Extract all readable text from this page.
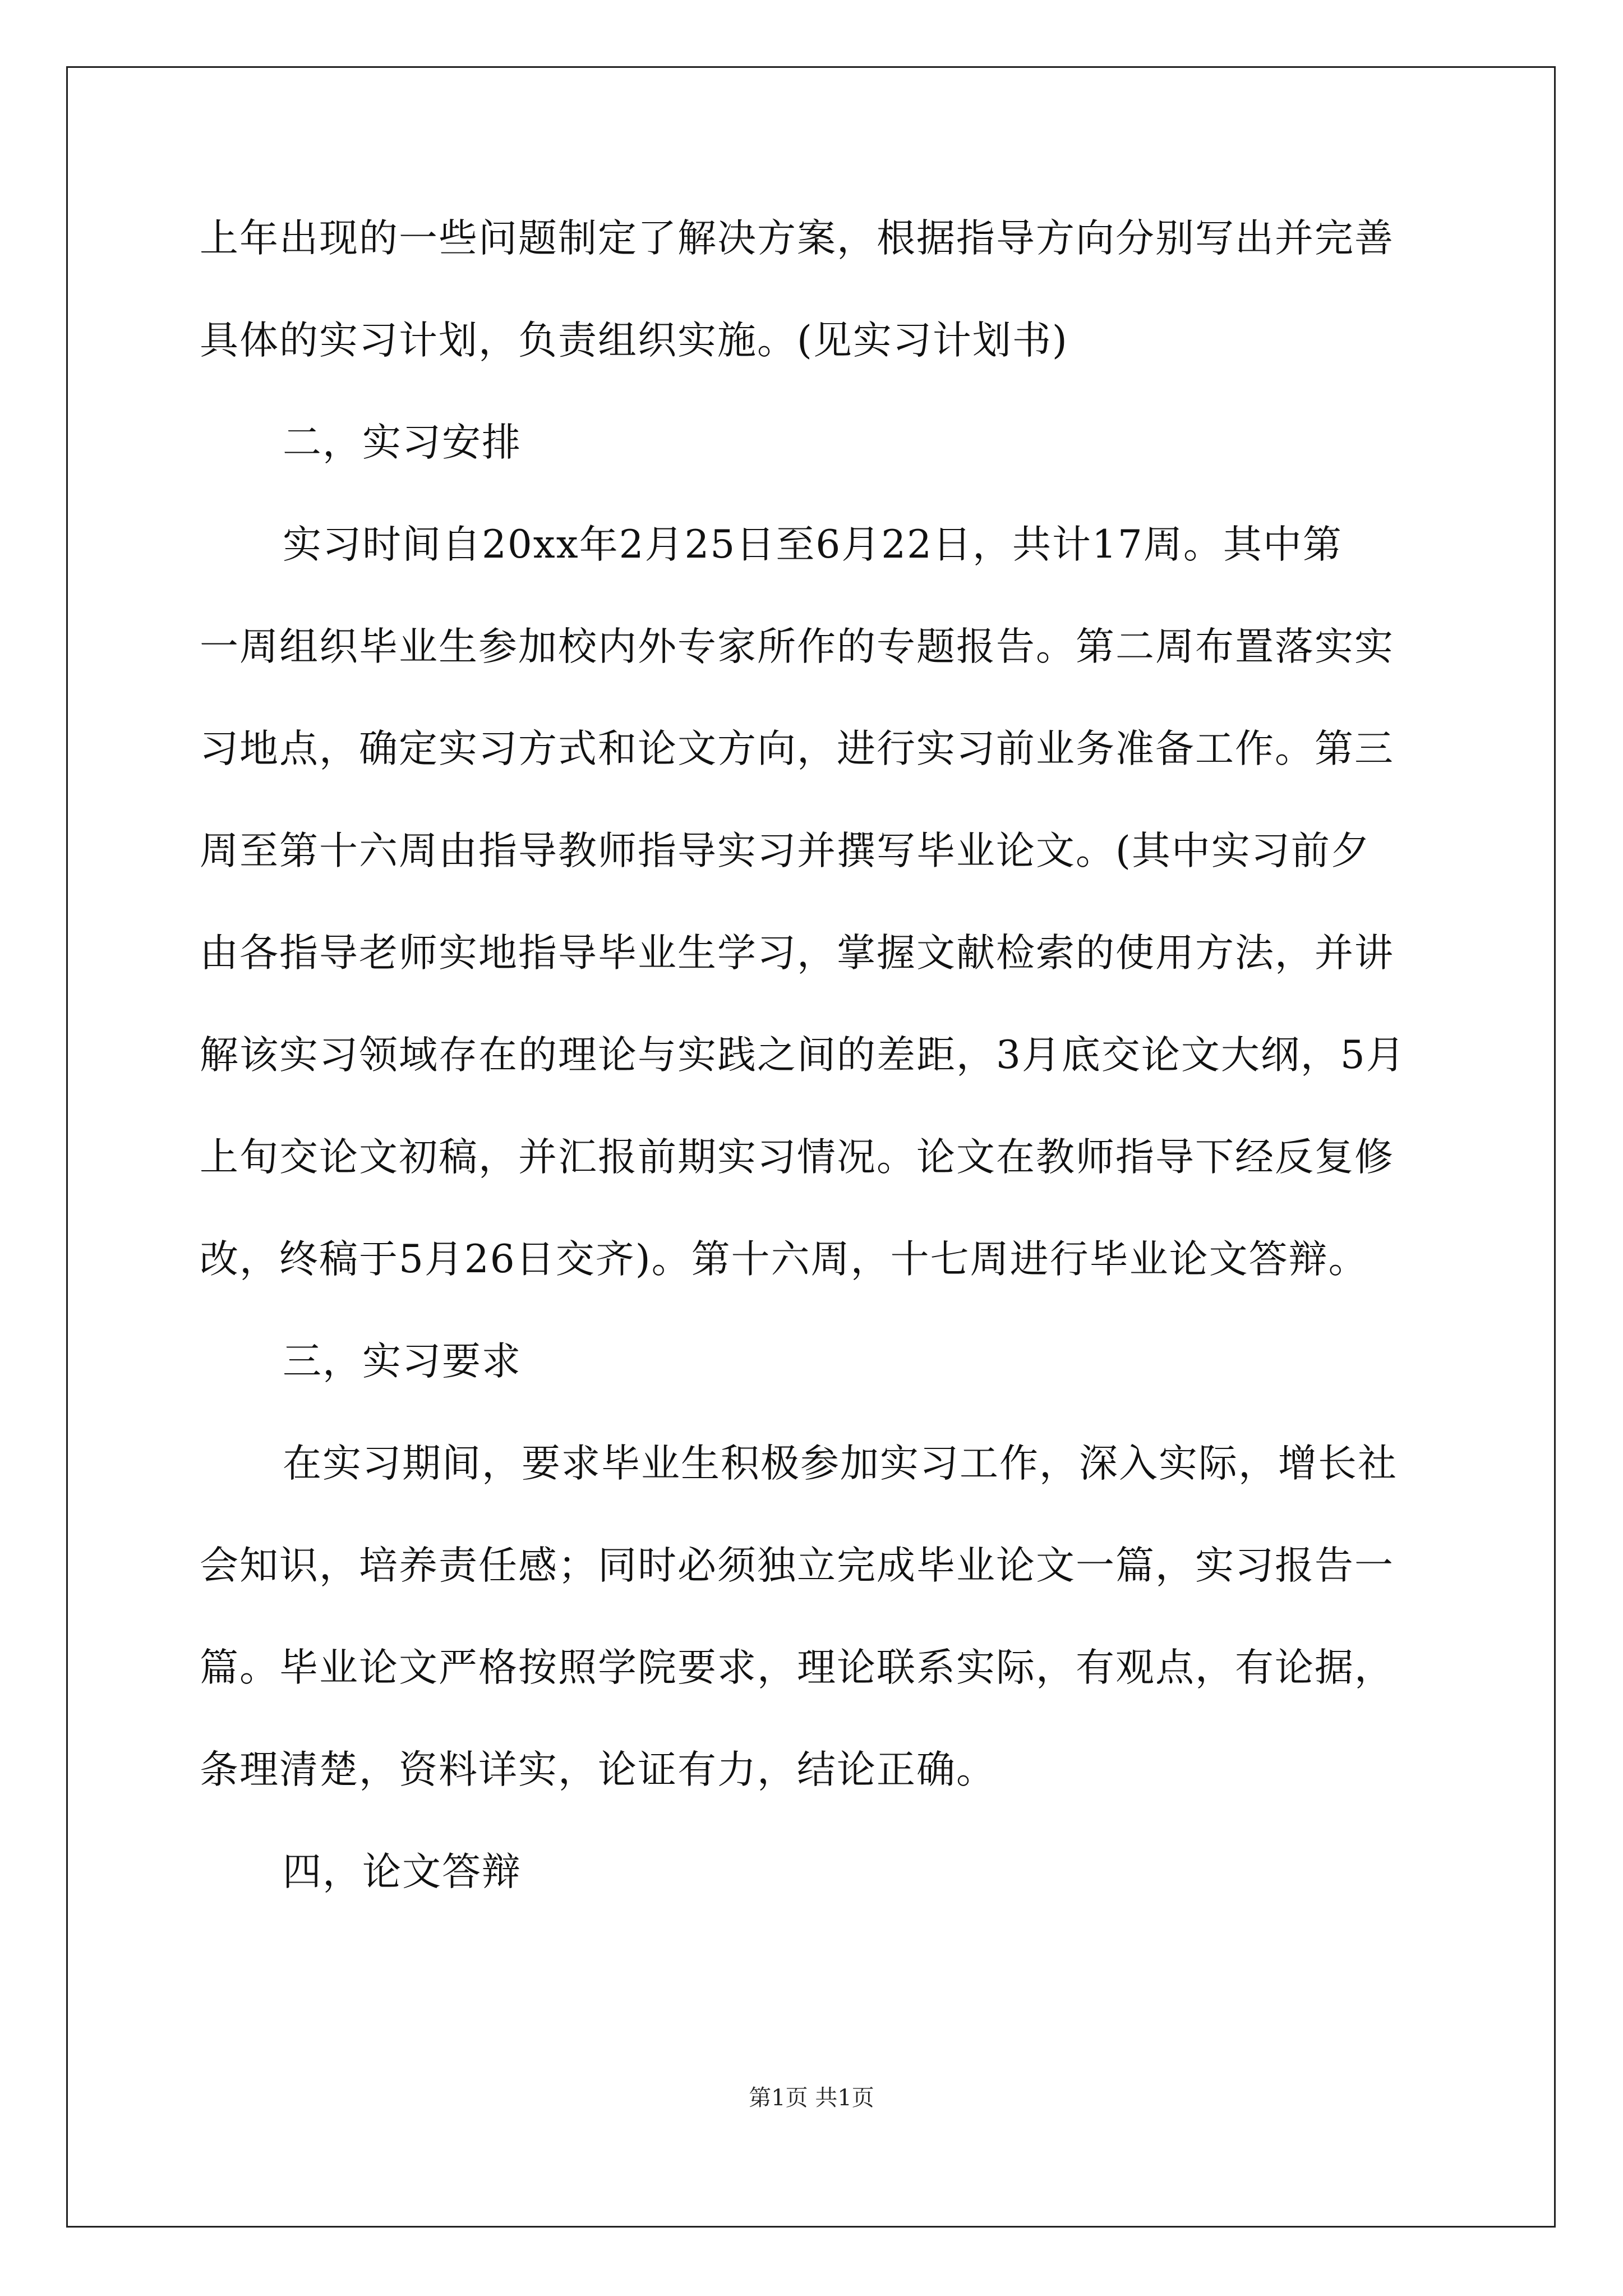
上年出现的一些问题制定了解决方案，根据指导方向分别写出并完善
具体的实习计划，负责组织实施。(见实习计划书)
二，实习安排
实习时间自20xx年2月25日至6月22日，共计17周。其中第
一周组织毕业生参加校内外专家所作的专题报告。第二周布置落实实
习地点，确定实习方式和论文方向，进行实习前业务准备工作。第三
周至第十六周由指导教师指导实习并撰写毕业论文。(其中实习前夕
由各指导老师实地指导毕业生学习，掌握文献检索的使用方法，并讲
解该实习领域存在的理论与实践之间的差距，3月底交论文大纲，5月
上旬交论文初稿，并汇报前期实习情况。论文在教师指导下经反复修
改，终稿于5月26日交齐)。第十六周，十七周进行毕业论文答辩。
三，实习要求
在实习期间，要求毕业生积极参加实习工作，深入实际，增长社
会知识，培养责任感；同时必须独立完成毕业论文一篇，实习报告一
篇。毕业论文严格按照学院要求，理论联系实际，有观点，有论据，
条理清楚，资料详实，论证有力，结论正确。
四，论文答辩
第1页 共1页
